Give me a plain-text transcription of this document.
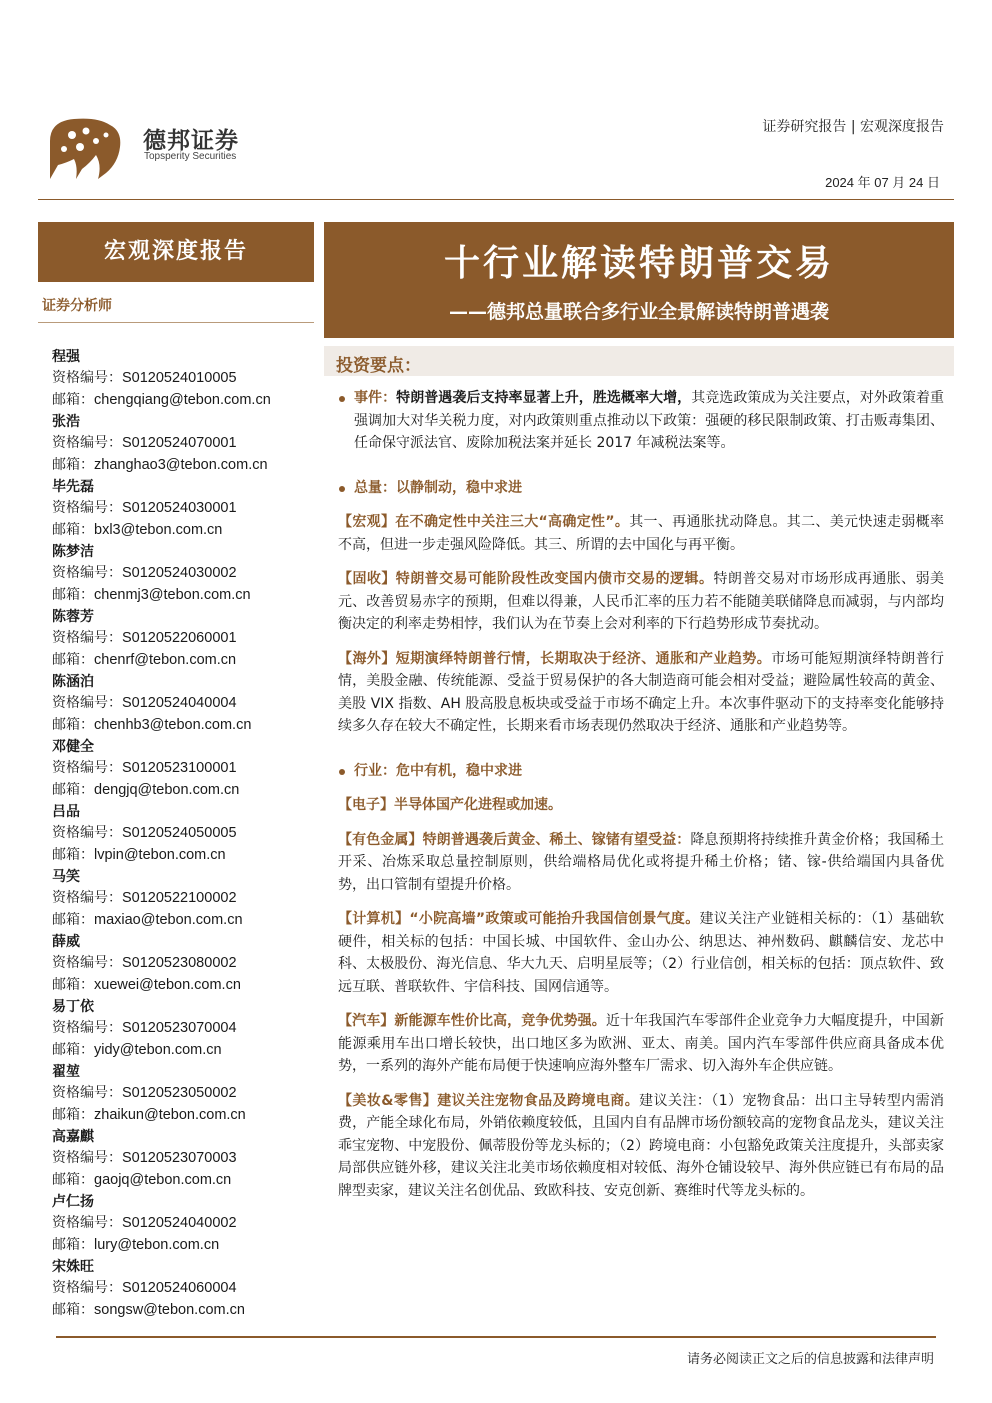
德邦证券
Topsperity Securities
证券研究报告 | 宏观深度报告
2024 年 07 月 24 日
宏观深度报告
证券分析师
程强
资格编号：S0120524010005
邮箱：chengqiang@tebon.com.cn
张浩
资格编号：S0120524070001
邮箱：zhanghao3@tebon.com.cn
毕先磊
资格编号：S0120524030001
邮箱：bxl3@tebon.com.cn
陈梦洁
资格编号：S0120524030002
邮箱：chenmj3@tebon.com.cn
陈蓉芳
资格编号：S0120522060001
邮箱：chenrf@tebon.com.cn
陈涵泊
资格编号：S0120524040004
邮箱：chenhb3@tebon.com.cn
邓健全
资格编号：S0120523100001
邮箱：dengjq@tebon.com.cn
吕品
资格编号：S0120524050005
邮箱：lvpin@tebon.com.cn
马笑
资格编号：S0120522100002
邮箱：maxiao@tebon.com.cn
薛威
资格编号：S0120523080002
邮箱：xuewei@tebon.com.cn
易丁依
资格编号：S0120523070004
邮箱：yidy@tebon.com.cn
翟堃
资格编号：S0120523050002
邮箱：zhaikun@tebon.com.cn
高嘉麒
资格编号：S0120523070003
邮箱：gaojq@tebon.com.cn
卢仁扬
资格编号：S0120524040002
邮箱：lury@tebon.com.cn
宋姝旺
资格编号：S0120524060004
邮箱：songsw@tebon.com.cn
十行业解读特朗普交易
——德邦总量联合多行业全景解读特朗普遇袭
投资要点：
事件：特朗普遇袭后支持率显著上升，胜选概率大增，其竞选政策成为关注要点，对外政策着重强调加大对华关税力度，对内政策则重点推动以下政策：强硬的移民限制政策、打击贩毒集团、任命保守派法官、废除加税法案并延长 2017 年减税法案等。
总量：以静制动，稳中求进
【宏观】在不确定性中关注三大“高确定性”。其一、再通胀扰动降息。其二、美元快速走弱概率不高，但进一步走强风险降低。其三、所谓的去中国化与再平衡。
【固收】特朗普交易可能阶段性改变国内债市交易的逻辑。特朗普交易对市场形成再通胀、弱美元、改善贸易赤字的预期，但难以得兼，人民币汇率的压力若不能随美联储降息而减弱，与内部均衡决定的利率走势相悖，我们认为在节奏上会对利率的下行趋势形成节奏扰动。
【海外】短期演绎特朗普行情，长期取决于经济、通胀和产业趋势。市场可能短期演绎特朗普行情，美股金融、传统能源、受益于贸易保护的各大制造商可能会相对受益；避险属性较高的黄金、美股 VIX 指数、AH 股高股息板块或受益于市场不确定上升。本次事件驱动下的支持率变化能够持续多久存在较大不确定性，长期来看市场表现仍然取决于经济、通胀和产业趋势等。
行业：危中有机，稳中求进
【电子】半导体国产化进程或加速。
【有色金属】特朗普遇袭后黄金、稀土、镓锗有望受益：降息预期将持续推升黄金价格；我国稀土开采、冶炼采取总量控制原则，供给端格局优化或将提升稀土价格；锗、镓-供给端国内具备优势，出口管制有望提升价格。
【计算机】“小院高墙”政策或可能抬升我国信创景气度。建议关注产业链相关标的：（1）基础软硬件，相关标的包括：中国长城、中国软件、金山办公、纳思达、神州数码、麒麟信安、龙芯中科、太极股份、海光信息、华大九天、启明星辰等；（2）行业信创，相关标的包括：顶点软件、致远互联、普联软件、宇信科技、国网信通等。
【汽车】新能源车性价比高，竞争优势强。近十年我国汽车零部件企业竞争力大幅度提升，中国新能源乘用车出口增长较快，出口地区多为欧洲、亚太、南美。国内汽车零部件供应商具备成本优势，一系列的海外产能布局便于快速响应海外整车厂需求、切入海外车企供应链。
【美妆&零售】建议关注宠物食品及跨境电商。建议关注：（1）宠物食品：出口主导转型内需消费，产能全球化布局，外销依赖度较低，且国内自有品牌市场份额较高的宠物食品龙头，建议关注乖宝宠物、中宠股份、佩蒂股份等龙头标的；（2）跨境电商：小包豁免政策关注度提升，头部卖家局部供应链外移，建议关注北美市场依赖度相对较低、海外仓铺设较早、海外供应链已有布局的品牌型卖家，建议关注名创优品、致欧科技、安克创新、赛维时代等龙头标的。
请务必阅读正文之后的信息披露和法律声明
